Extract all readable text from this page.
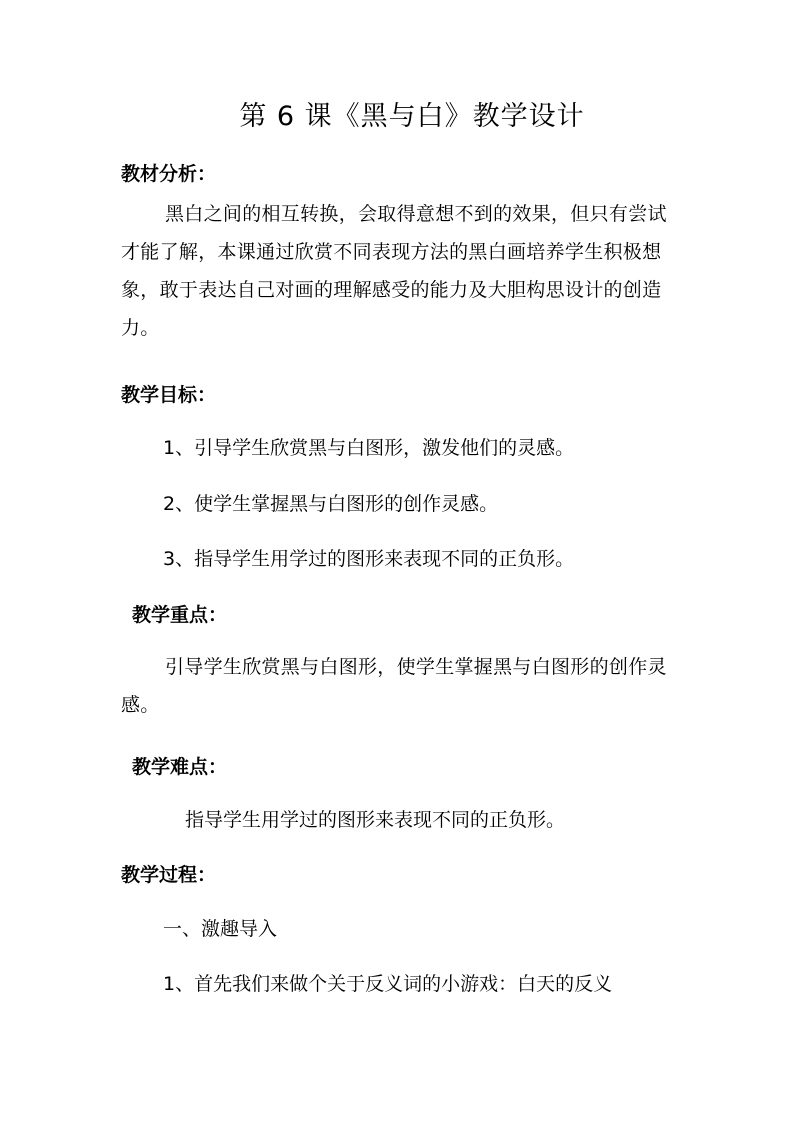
第 6 课《黑与白》教学设计
教材分析：
黑白之间的相互转换，会取得意想不到的效果，但只有尝试才能了解，本课通过欣赏不同表现方法的黑白画培养学生积极想象，敢于表达自己对画的理解感受的能力及大胆构思设计的创造力。
教学目标：
1、引导学生欣赏黑与白图形，激发他们的灵感。
2、使学生掌握黑与白图形的创作灵感。
3、指导学生用学过的图形来表现不同的正负形。
教学重点：
引导学生欣赏黑与白图形，使学生掌握黑与白图形的创作灵感。
教学难点：
指导学生用学过的图形来表现不同的正负形。
教学过程：
一、激趣导入
1、首先我们来做个关于反义词的小游戏：白天的反义
